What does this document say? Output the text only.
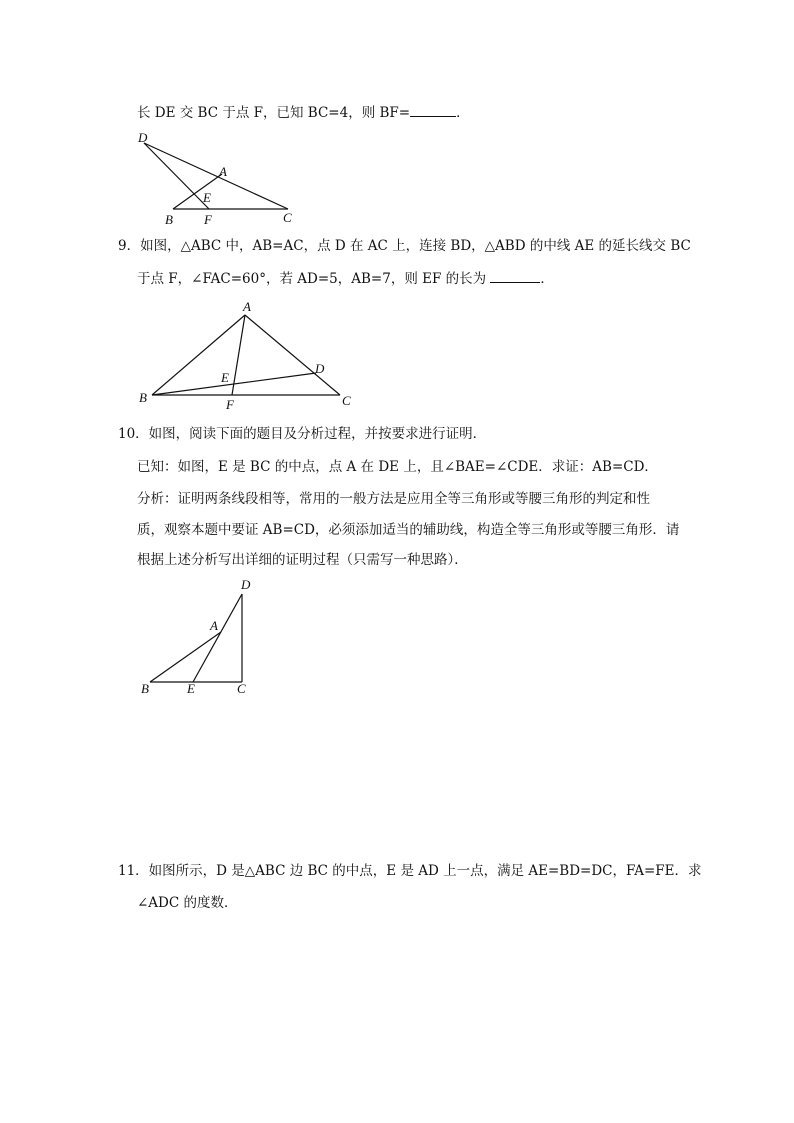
长 DE 交 BC 于点 F，已知 BC=4，则 BF=	．
D
A
E
B F	C
9．如图，△ABC 中，AB=AC，点 D 在 AC 上，连接 BD，△ABD 的中线 AE 的延长线交 BC
于点 F，∠FAC=60°，若 AD=5，AB=7，则 EF 的长为	．
A
D
E
B	F	C
10．如图，阅读下面的题目及分析过程，并按要求进行证明．
已知：如图，E 是 BC 的中点，点 A 在 DE 上，且∠BAE=∠CDE．求证：AB=CD．
分析：证明两条线段相等，常用的一般方法是应用全等三角形或等腰三角形的判定和性
质，观察本题中要证 AB=CD，必须添加适当的辅助线，构造全等三角形或等腰三角形．请
根据上述分析写出详细的证明过程（只需写一种思路）．
D
A
B	E	C
11．如图所示，D 是△ABC 边 BC 的中点，E 是 AD 上一点，满足 AE=BD=DC，FA=FE．求
∠ADC 的度数．
